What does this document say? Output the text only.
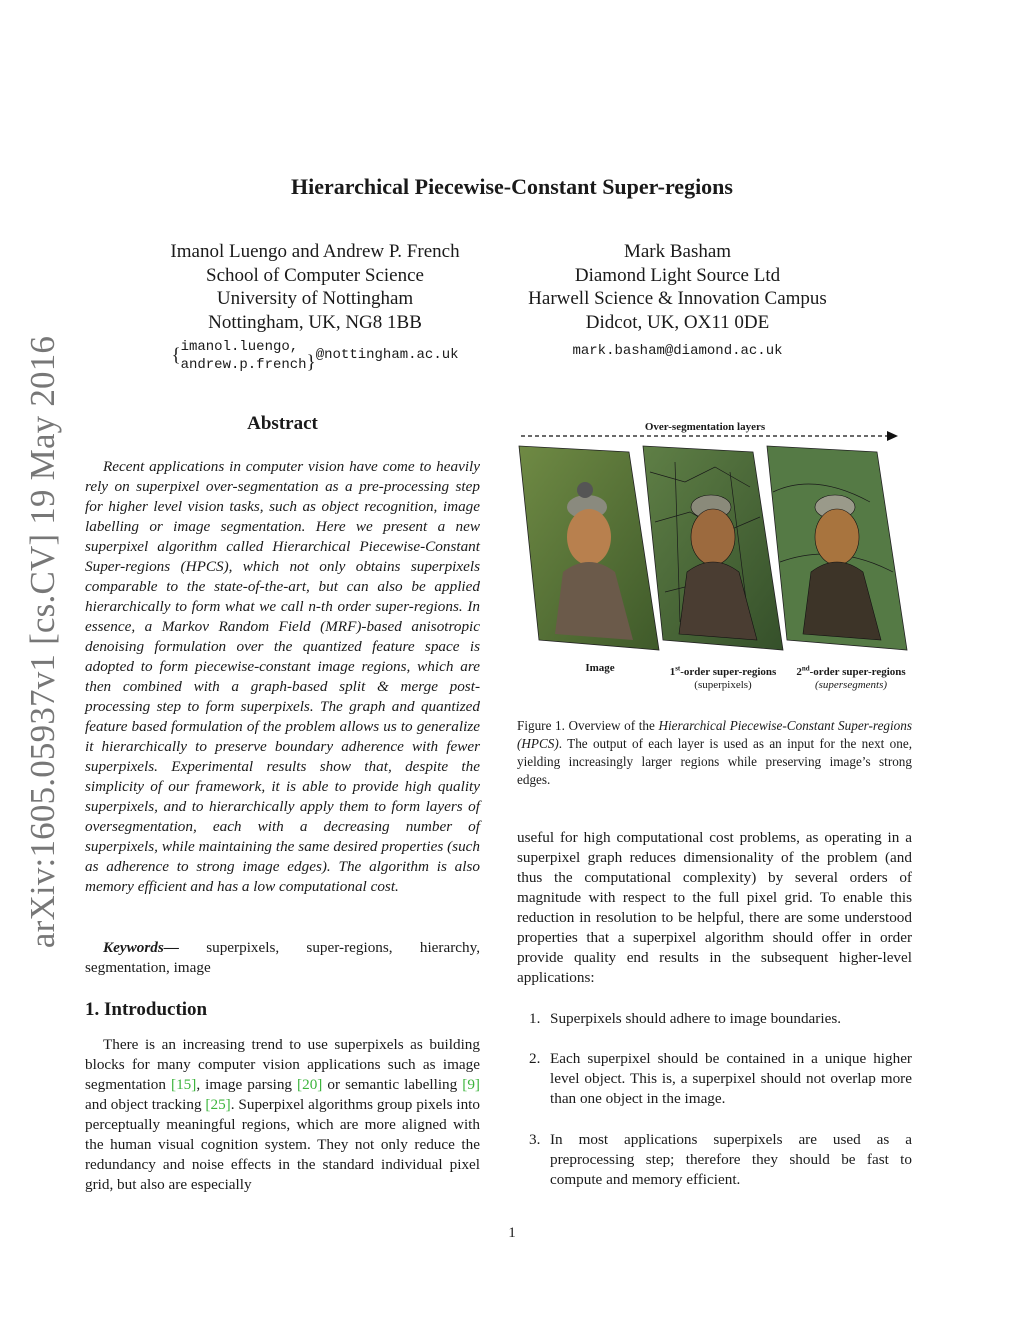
arXiv:1605.05937v1 [cs.CV] 19 May 2016
Hierarchical Piecewise-Constant Super-regions
Imanol Luengo and Andrew P. French
School of Computer Science
University of Nottingham
Nottingham, UK, NG8 1BB
{ imanol.luengo,
andrew.p.french } @nottingham.ac.uk
Mark Basham
Diamond Light Source Ltd
Harwell Science & Innovation Campus
Didcot, UK, OX11 0DE
mark.basham@diamond.ac.uk
Abstract

Recent applications in computer vision have come to heavily rely on superpixel over-segmentation as a pre-processing step for higher level vision tasks, such as object recognition, image labelling or image segmentation. Here we present a new superpixel algorithm called Hierarchical Piecewise-Constant Super-regions (HPCS), which not only obtains superpixels comparable to the state-of-the-art, but can also be applied hierarchically to form what we call n-th order super-regions. In essence, a Markov Random Field (MRF)-based anisotropic denoising formulation over the quantized feature space is adopted to form piecewise-constant image regions, which are then combined with a graph-based split & merge post-processing step to form superpixels. The graph and quantized feature based formulation of the problem allows us to generalize it hierarchically to preserve boundary adherence with fewer superpixels. Experimental results show that, despite the simplicity of our framework, it is able to provide high quality superpixels, and to hierarchically apply them to form layers of oversegmentation, each with a decreasing number of superpixels, while maintaining the same desired properties (such as adherence to strong image edges). The algorithm is also memory efficient and has a low computational cost.

Keywords— superpixels, super-regions, hierarchy, segmentation, image

1. Introduction

There is an increasing trend to use superpixels as building blocks for many computer vision applications such as image segmentation [15], image parsing [20] or semantic labelling [9] and object tracking [25]. Superpixel algorithms group pixels into perceptually meaningful regions, which are more aligned with the human visual cognition system. They not only reduce the redundancy and noise effects in the standard individual pixel grid, but also are especially

Over-segmentation layers
Image	1st-order super-regions
(superpixels)
2nd-order super-regions
(supersegments)

Figure 1. Overview of the Hierarchical Piecewise-Constant Super-regions (HPCS). The output of each layer is used as an input for the next one, yielding increasingly larger regions while preserving image’s strong edges.

useful for high computational cost problems, as operating in a superpixel graph reduces dimensionality of the problem (and thus the computational complexity) by several orders of magnitude with respect to the full pixel grid. To enable this reduction in resolution to be helpful, there are some understood properties that a superpixel algorithm should offer in order provide quality end results in the subsequent higher-level applications:

1. Superpixels should adhere to image boundaries.
2. Each superpixel should be contained in a unique higher level object. This is, a superpixel should not overlap more than one object in the image.
3. In most applications superpixels are used as a preprocessing step; therefore they should be fast to compute and memory efficient.
1
